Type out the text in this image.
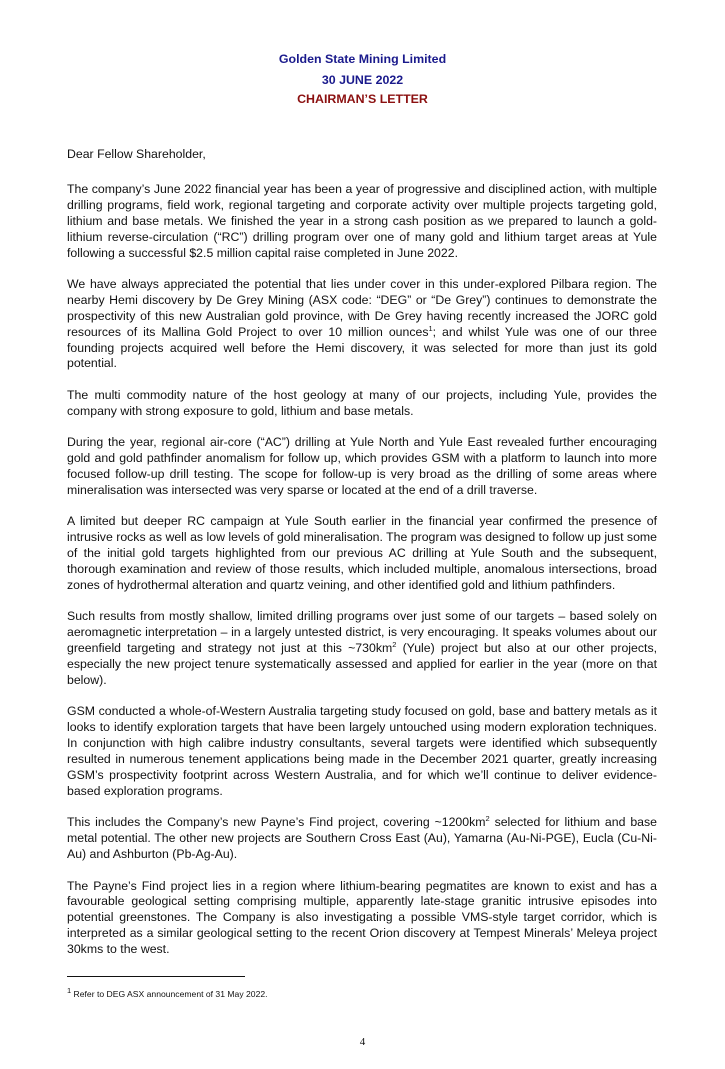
Golden State Mining Limited
30 JUNE 2022
CHAIRMAN’S LETTER

Dear Fellow Shareholder,

The company’s June 2022 financial year has been a year of progressive and disciplined action, with multiple drilling programs, field work, regional targeting and corporate activity over multiple projects targeting gold, lithium and base metals. We finished the year in a strong cash position as we prepared to launch a gold-lithium reverse-circulation (“RC”) drilling program over one of many gold and lithium target areas at Yule following a successful $2.5 million capital raise completed in June 2022.

We have always appreciated the potential that lies under cover in this under-explored Pilbara region. The nearby Hemi discovery by De Grey Mining (ASX code: “DEG” or “De Grey”) continues to demonstrate the prospectivity of this new Australian gold province, with De Grey having recently increased the JORC gold resources of its Mallina Gold Project to over 10 million ounces$^1$; and whilst Yule was one of our three founding projects acquired well before the Hemi discovery, it was selected for more than just its gold potential.

The multi commodity nature of the host geology at many of our projects, including Yule, provides the company with strong exposure to gold, lithium and base metals.

During the year, regional air-core (“AC”) drilling at Yule North and Yule East revealed further encouraging gold and gold pathfinder anomalism for follow up, which provides GSM with a platform to launch into more focused follow-up drill testing. The scope for follow-up is very broad as the drilling of some areas where mineralisation was intersected was very sparse or located at the end of a drill traverse.

A limited but deeper RC campaign at Yule South earlier in the financial year confirmed the presence of intrusive rocks as well as low levels of gold mineralisation. The program was designed to follow up just some of the initial gold targets highlighted from our previous AC drilling at Yule South and the subsequent, thorough examination and review of those results, which included multiple, anomalous intersections, broad zones of hydrothermal alteration and quartz veining, and other identified gold and lithium pathfinders.

Such results from mostly shallow, limited drilling programs over just some of our targets – based solely on aeromagnetic interpretation – in a largely untested district, is very encouraging. It speaks volumes about our greenfield targeting and strategy not just at this $\sim 730km^2$ (Yule) project but also at our other projects, especially the new project tenure systematically assessed and applied for earlier in the year (more on that below).

GSM conducted a whole-of-Western Australia targeting study focused on gold, base and battery metals as it looks to identify exploration targets that have been largely untouched using modern exploration techniques. In conjunction with high calibre industry consultants, several targets were identified which subsequently resulted in numerous tenement applications being made in the December 2021 quarter, greatly increasing GSM’s prospectivity footprint across Western Australia, and for which we’ll continue to deliver evidence-based exploration programs.

This includes the Company’s new Payne’s Find project, covering $\sim 1200km^2$ selected for lithium and base metal potential. The other new projects are Southern Cross East (Au), Yamarna (Au-Ni-PGE), Eucla (Cu-Ni-Au) and Ashburton (Pb-Ag-Au).

The Payne’s Find project lies in a region where lithium-bearing pegmatites are known to exist and has a favourable geological setting comprising multiple, apparently late-stage granitic intrusive episodes into potential greenstones. The Company is also investigating a possible VMS-style target corridor, which is interpreted as a similar geological setting to the recent Orion discovery at Tempest Minerals’ Meleya project 30kms to the west.

$^1$ Refer to DEG ASX announcement of 31 May 2022.
4
